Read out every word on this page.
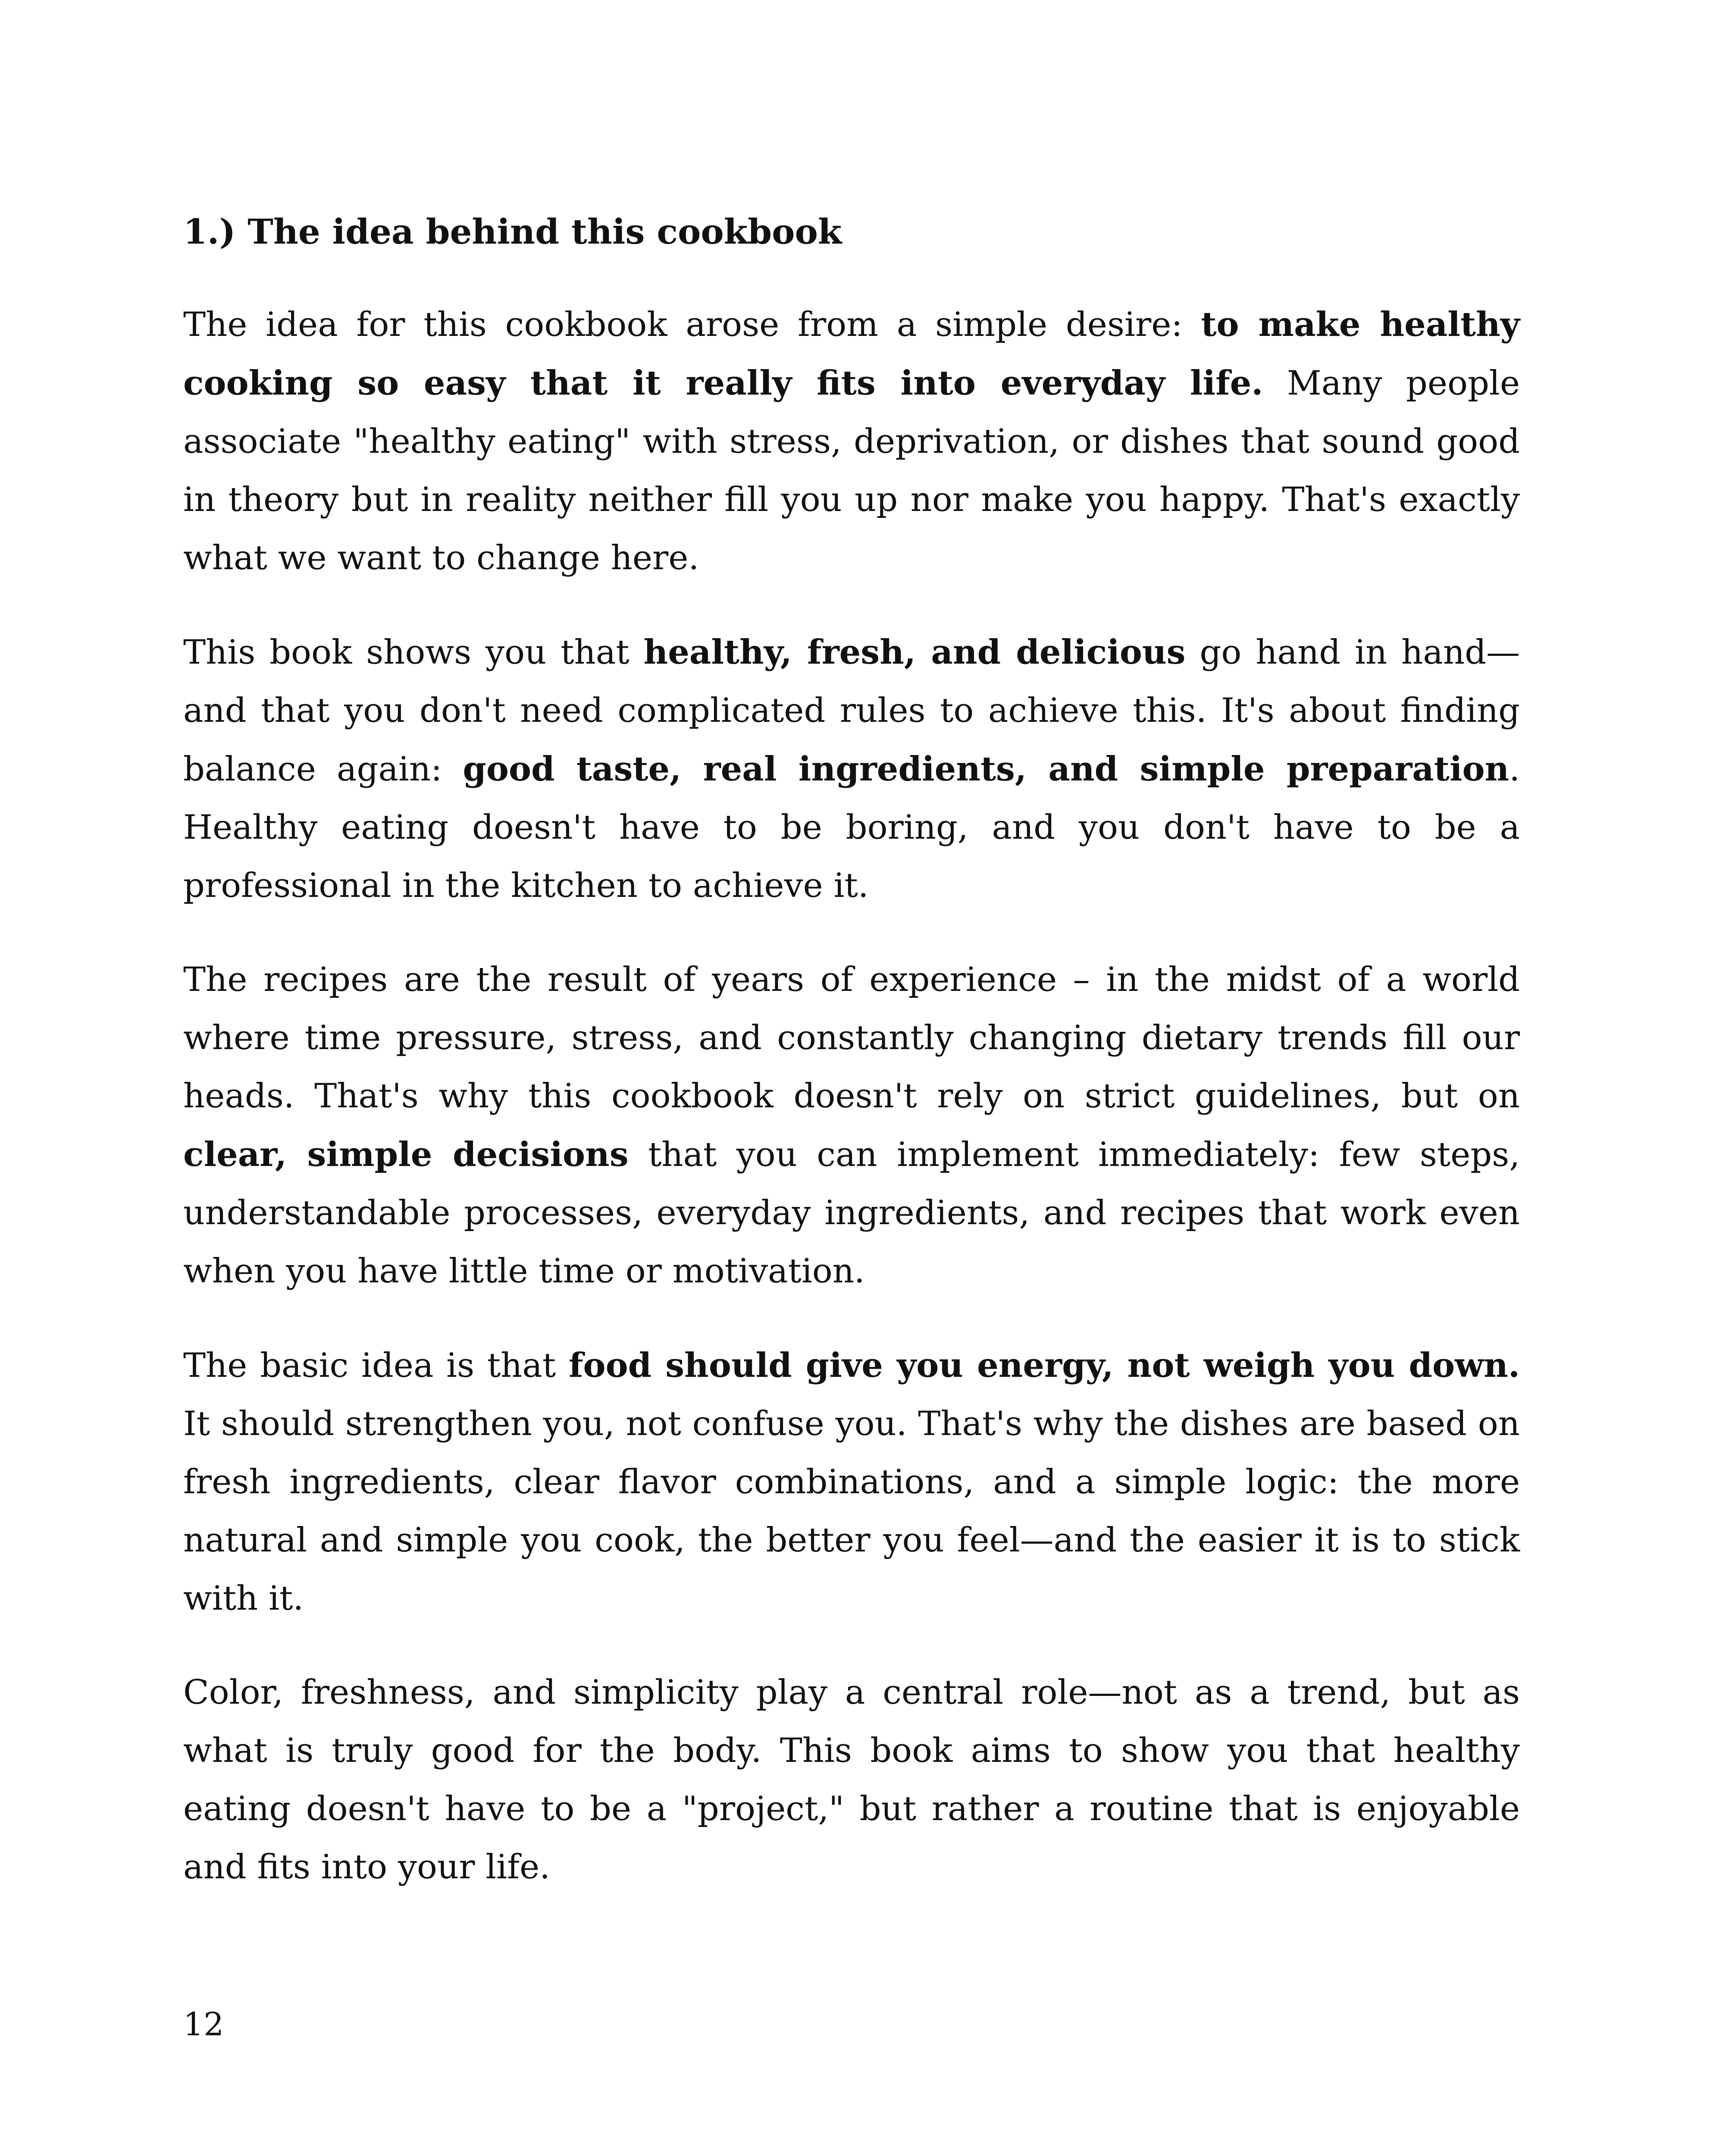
1.) The idea behind this cookbook

The idea for this cookbook arose from a simple desire: to make healthy cooking so easy that it really fits into everyday life. Many people associate "healthy eating" with stress, deprivation, or dishes that sound good in theory but in reality neither fill you up nor make you happy. That's exactly what we want to change here.

This book shows you that healthy, fresh, and delicious go hand in hand—and that you don't need complicated rules to achieve this. It's about finding balance again: good taste, real ingredients, and simple preparation. Healthy eating doesn't have to be boring, and you don't have to be a professional in the kitchen to achieve it.

The recipes are the result of years of experience – in the midst of a world where time pressure, stress, and constantly changing dietary trends fill our heads. That's why this cookbook doesn't rely on strict guidelines, but on clear, simple decisions that you can implement immediately: few steps, understandable processes, everyday ingredients, and recipes that work even when you have little time or motivation.

The basic idea is that food should give you energy, not weigh you down. It should strengthen you, not confuse you. That's why the dishes are based on fresh ingredients, clear flavor combinations, and a simple logic: the more natural and simple you cook, the better you feel—and the easier it is to stick with it.

Color, freshness, and simplicity play a central role—not as a trend, but as what is truly good for the body. This book aims to show you that healthy eating doesn't have to be a "project," but rather a routine that is enjoyable and fits into your life.

12
